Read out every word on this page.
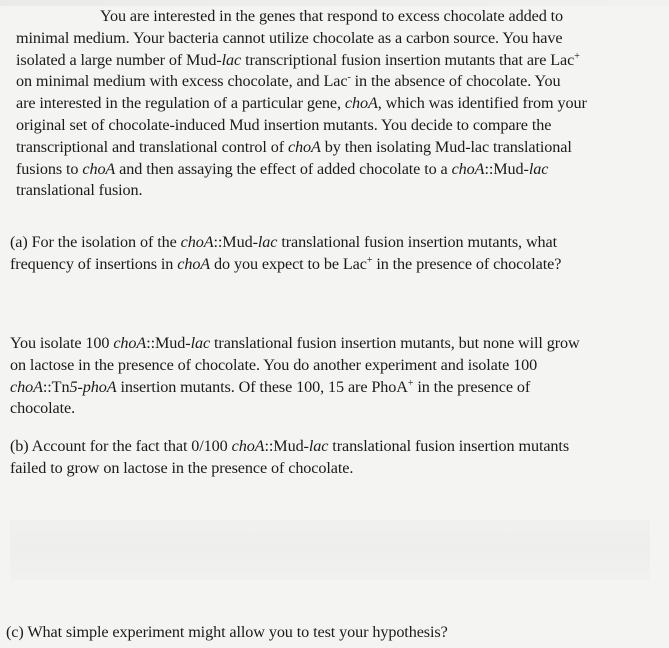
You are interested in the genes that respond to excess chocolate added to
minimal medium. Your bacteria cannot utilize chocolate as a carbon source. You have
isolated a large number of Mud-lac transcriptional fusion insertion mutants that are Lac+
on minimal medium with excess chocolate, and Lac- in the absence of chocolate. You
are interested in the regulation of a particular gene, choA, which was identified from your
original set of chocolate-induced Mud insertion mutants. You decide to compare the
transcriptional and translational control of choA by then isolating Mud-lac translational
fusions to choA and then assaying the effect of added chocolate to a choA::Mud-lac
translational fusion.
(a) For the isolation of the choA::Mud-lac translational fusion insertion mutants, what
frequency of insertions in choA do you expect to be Lac+ in the presence of chocolate?
You isolate 100 choA::Mud-lac translational fusion insertion mutants, but none will grow
on lactose in the presence of chocolate. You do another experiment and isolate 100
choA::Tn5-phoA insertion mutants. Of these 100, 15 are PhoA+ in the presence of
chocolate.
(b) Account for the fact that 0/100 choA::Mud-lac translational fusion insertion mutants
failed to grow on lactose in the presence of chocolate.
(c) What simple experiment might allow you to test your hypothesis?
